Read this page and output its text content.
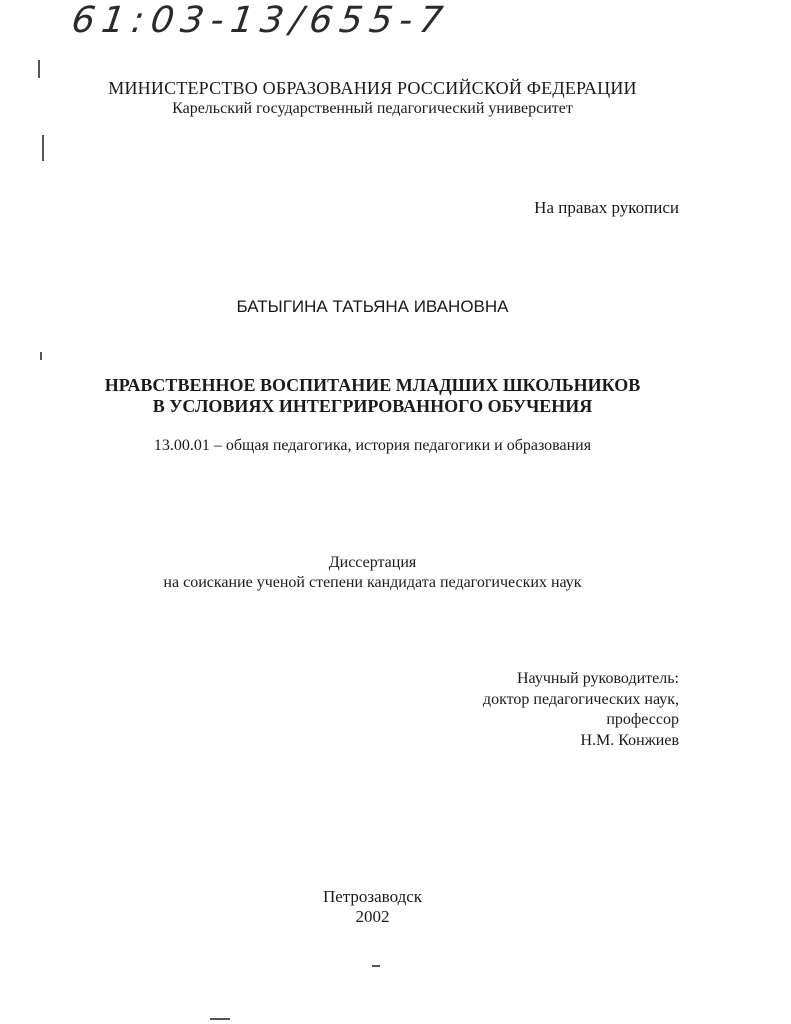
61:03-13/655-7
МИНИСТЕРСТВО ОБРАЗОВАНИЯ РОССИЙСКОЙ ФЕДЕРАЦИИ
Карельский государственный педагогический университет
На правах рукописи
БАТЫГИНА ТАТЬЯНА ИВАНОВНА
НРАВСТВЕННОЕ ВОСПИТАНИЕ МЛАДШИХ ШКОЛЬНИКОВ
В УСЛОВИЯХ ИНТЕГРИРОВАННОГО ОБУЧЕНИЯ
13.00.01 – общая педагогика, история педагогики и образования
Диссертация
на соискание ученой степени кандидата педагогических наук
Научный руководитель:
доктор педагогических наук,
профессор
Н.М. Конжиев
Петрозаводск
2002
